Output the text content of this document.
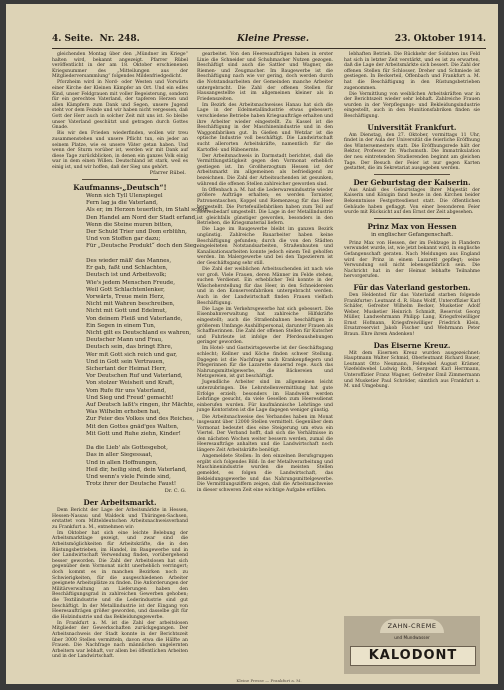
4. Seite. Nr. 248.	Kleine Presse.	23. Oktober 1914.

gleichenden Montag über den „Mündner im Kriege“ halten wird, bekannt angezeigt. Pfarrer Rübel veröffentlicht in der am 18. Oktober erschienenen Kriegsnummer des „Mitteilungen aus der Mitgliederversammlung“ folgendes Mildenfriedgedicht.

Pforzheim wird in Nord- oder Westen und Vorwärts einer Kirche der Kleinen Kämpfer an Ort. Und ein edles Kind, unser Feldgrauen mit voller Begeisterung, sondern für ein gerechtes Vaterland, der tapferen Herzen und allen Kämpfern zum Dank und Segen, unsere Jugend steht vor dem Feinde und wir haben nicht vergessen, daß Gott der Herr auch in solcher Zeit mit uns ist. So bleibe unser Vaterland geschützt und getragen durch Gottes Gnade.

Bis wir den Frieden wiederfinden, wollen wir treu zusammenstehen und unsere Pflicht tun, ein jeder an seinem Platze, wie es unsere Väter getan haben. Und wenn der Sturm vorüber ist, werden wir mit Dank auf diese Tage zurückblicken, in denen ein ganzes Volk einig war in dem einen Willen. Deutschland ist stark, weil es einig ist, und wir hoffen, daß der Sieg uns gehört.

Pfarrer Rübel.
Kaufmanns-„Deutsch“!
Wenn sich Tyll Ulenspiegel
Fern lag ja die Vaterland,
Als er, im Herzen teuerlich, im Stahl schon,
Den Handel am Nord der Stadt erfand,
Wenn die Steine muren bitten,
Der Schuld Trier und Dom erblühn,
Und von Stoffen gar dazu;
Für „Deutsche Produkt“ doch den Sieg.

Des wieder mäß' das Mannes,
Er gab, faßt und Schlachten,
Deutsch ist und Arbeitsvolk;
Wie's jedem Menschen Freude,
Weil Gott Schlachtenlenker,
Vorwärts, Treue mein Herz,
Nicht mit Wahren beschreiben,
Nicht mit Gott und Edelmut,
Von deinem Fleiß und Vaterlande,
Ein Segen in einem Tun,
Nicht gilt es Deutschland es wahren,
Deutscher Mann und Frau,
Deutsch sein, das bringt Ehre,
Wer mit Gott sich reich und gar,
Und in Gott sein Vertrauen,
Sichertant der Heimat Herr,
Vor Deutschen Ruf und Vaterland,
Von stolzer Weisheit und Kraft,
Vom Rufe für uns Vaterland,
Und Sieg und Freud' gemacht!
Auf Deutsch laßt's ringen, ihr Mächte,
Was Wilhelm erhoben hat,
Zur Feier des Volkes und des Reiches,
Mit den Gottes gnäd'ges Walten,
Mit Gott und Ruhe ziehn, Kinder!

Da die Lieb' als Gottesgebot,
Das in aller Siegessaat,
Und in allen Hoffnungen,
Heil dir, heilig sind, dein Vaterland,
Und wenn's viele Feinde sind,
Trotz ihrer der Deutsche Faust!
Dr. C. G.
Der Arbeitsmarkt.

Dem Bericht der Lage der Arbeitsmärkte in Hessen, Hessen-Nassau und Waldeck und Thüringen-Sachsen, erstattet vom Mitteldeutschen Arbeitsnachweisverband zu Frankfurt a. M., entnehmen wir:

Im Oktober hat sich eine leichte Belebung der Arbeitsmarktlage gezeigt, und zwar sind die Arbeitsmöglichkeiten für Arbeitskräfte, die in den Rüstungsbetrieben, im Handel, im Baugewerbe und in der Landwirtschaft Verwendung finden, vorübergehend besser geworden. Die Zahl der Arbeitslosen hat sich gegenüber dem Vormonat nicht unerheblich verringert; doch kommt es in manchen Bezirken noch zu Schwierigkeiten, für die ausgeschiedenen Arbeiter geeignete Arbeitsplätze zu finden. Die Anforderungen der Militärverwaltung an Lieferungen haben den Beschäftigungsgrad in zahlreichen Gewerben gehoben; die Textilindustrie und die Lederindustrie sind gut beschäftigt. In der Metallindustrie ist der Eingang von Heeresaufträgen größer geworden, und dasselbe gilt für die Holzindustrie und das Bekleidungsgewerbe.

In Frankfurt a. M. ist die Zahl der arbeitslosen Mitglieder der Gewerkschaften zurückgegangen. Der Arbeitsnachweis der Stadt konnte in der Berichtszeit über 3000 Stellen vermitteln, davon etwa die Hälfte an Frauen. Die Nachfrage nach männlichen ungelernten Arbeitern war lebhaft, vor allem bei öffentlichen Arbeiten und in der Landwirtschaft.

gearbeitet. Von den Heeresaufträgen haben in erster Linie die Schneider und Schuhmacher Nutzen gezogen. Beschäftigt sind auch die Sattler und Wagner, die Riemen- und Zeugmacher. Im Baugewerbe ist die Beschäftigung nach wie vor gering, doch werden durch die Notstandsarbeiten der Gemeinden manche Arbeiter untergebracht. Die Zahl der offenen Stellen für Hausangestellte ist im allgemeinen kleiner als in Friedenszeiten.

Im Bezirk des Arbeitsnachweises Hanau hat sich die Lage in der Edelmetallindustrie etwas gebessert; verschiedene Betriebe haben Kriegsaufträge erhalten und ihre Arbeiter wieder eingestellt. Zu Kassel ist die Beschäftigung in der Maschinenindustrie und in den Waggonfabriken gut. In Gießen und Wetzlar ist die optische Industrie voll beschäftigt. Die Landwirtschaft sucht allerorten Arbeitskräfte, namentlich für die Kartoffel- und Rübenernte.

Der Arbeitsnachweis in Darmstadt berichtet, daß die Vermittlungstätigkeit gegen den Vormonat erheblich gestiegen ist. Im Großherzogtum Hessen ist der Arbeitsmarkt im allgemeinen als befriedigend zu bezeichnen. Die Zahl der Arbeitsuchenden ist gesunken, während die offenen Stellen zahlreicher geworden sind.

In Offenbach a. M. hat die Lederwarenindustrie wieder größere Aufträge erhalten; es werden Tornister, Patronentaschen, Koppel und Riemenzeug für das Heer hergestellt. Die Portefeuillefabriken haben zum Teil auf Heeresbedarf umgestellt. Die Lage in der Metallindustrie ist gleichfalls günstiger geworden, besonders in den Betrieben, die Kriegsmaterial liefern.

Die Lage im Baugewerbe bleibt im ganzen Bezirk ungünstig. Zahlreiche Bauarbeiter haben keine Beschäftigung gefunden; durch die von den Städten eingeleiteten Notstandsarbeiten, Straßenbauten und Kanalisationsarbeiten konnte jedoch einem Teil geholfen werden. Im Malergewerbe und bei den Tapezierern ist der Geschäftsgang sehr still.

Die Zahl der weiblichen Arbeitsuchenden ist nach wie vor groß. Viele Frauen, deren Männer im Felde stehen, suchen Verdienst. Ein erheblicher Teil konnte in der Wäscheherstellung für das Heer, in den Schneidereien und in den Konservenfabriken untergebracht werden. Auch in der Landwirtschaft finden Frauen vielfach Beschäftigung.

Die Lage im Verkehrsgewerbe hat sich gebessert. Die Eisenbahnverwaltung hat zahlreiche Hilfskräfte eingestellt; auch die Straßenbahnen beschäftigen in größerem Umfange Aushilfspersonal, darunter Frauen als Schaffnerinnen. Die Zahl der offenen Stellen für Kutscher und Fuhrleute ist infolge der Pferdeaushebungen geringer geworden.

Im Hotel- und Gastwirtsgewerbe ist der Geschäftsgang schlecht; Kellner und Köche finden schwer Stellung. Dagegen ist die Nachfrage nach Krankenpflegern und Pflegerinnen für die Lazarette dauernd rege. Auch das Nahrungsmittelgewerbe, die Bäckereien und Metzgereien, ist gut beschäftigt.

Jugendliche Arbeiter sind im allgemeinen leicht unterzubringen. Die Lehrstellenvermittlung hat gute Erfolge erzielt; besonders im Handwerk werden Lehrlinge gesucht, da viele Gesellen zum Heeresdienst einberufen wurden. Für kaufmännische Lehrlinge und junge Kontoristen ist die Lage dagegen weniger günstig.

Die Arbeitsnachweise des Verbandes haben im Monat insgesamt über 12000 Stellen vermittelt. Gegenüber dem Vormonat bedeutet dies eine Steigerung um etwa ein Viertel. Der Verband hofft, daß sich die Verhältnisse in den nächsten Wochen weiter bessern werden, zumal die Heeresaufträge anhalten und die Landwirtschaft noch längere Zeit Arbeitskräfte benötigt.

Angemeldete Stellen: In den einzelnen Berufsgruppen ergibt sich folgendes Bild: In der Metallverarbeitung und Maschinenindustrie wurden die meisten Stellen gemeldet, es folgen die Landwirtschaft, das Bekleidungsgewerbe und das Nahrungsmittelgewerbe. Die Vermittlungsziffern zeigen, daß die Arbeitsnachweise in dieser schweren Zeit eine wichtige Aufgabe erfüllen.

lebhaften Betrieb. Die Rückkehr der Soldaten ins Feld hat sich in letzter Zeit verstärkt, und es ist zu erwarten, daß die Lage der Arbeitsmärkte sich bessert. Die Zahl der offenen Stellen für Schlosser, Dreher und Schmiede ist gestiegen. In Beckerteil, Offenbach und Frankfurt a. M. hat die Beschäftigung in den Rüstungsbetrieben zugenommen.

Die Vermittlung von weiblichen Arbeitskräften war in der Berichtszeit wieder sehr lebhaft. Zahlreiche Frauen wurden in der Verpflegungs- und Bekleidungsindustrie eingestellt, auch in den Munitionsfabriken finden sie Beschäftigung.

Universität Frankfurt.

Am Dienstag, den 27. Oktober, vormittags 11 Uhr, findet in der Aula der Universität die feierliche Eröffnung des Wintersemesters statt. Die Eröffnungsrede hält der Rektor, Professor Dr. Wachsmuth. Die Immatrikulation der neu eintretenden Studierenden beginnt am gleichen Tage. Der Besuch der Feier ist nur gegen Karten gestattet, die im Sekretariat ausgegeben werden.

Der Geburtstag der Kaiserin.

Aus Anlaß des Geburtstages Ihrer Majestät der Kaiserin und Königin fand heute in den Kirchen beider Bekenntnisse Festgottesdienst statt. Die öffentlichen Gebäude haben geflaggt. Von einer besonderen Feier wurde mit Rücksicht auf den Ernst der Zeit abgesehen.

Prinz Max von Hessen
in englischer Gefangenschaft.

Prinz Max von Hessen, der im Feldzuge in Flandern verwundet wurde, ist, wie jetzt bekannt wird, in englische Gefangenschaft geraten. Nach Meldungen aus England wird der Prinz in einem Lazarett gepflegt; seine Verwundung soll nicht lebensgefährlich sein. Die Nachricht hat in der Heimat lebhafte Teilnahme hervorgerufen.

Für das Vaterland gestorben.

Den Heldentod für das Vaterland starben folgende Frankfurter: Leutnant d. R. Hans Wolff, Unteroffizier Karl Schäfer, Gefreiter Wilhelm Becker, Musketier Adolf Weber, Musketier Heinrich Schmidt, Reservist Georg Müller, Landwehrmann Philipp Lang, Kriegsfreiwilliger Ernst Hofmann, Kriegsfreiwilliger Friedrich Klein, Ersatzreservist Jakob Fischer und Wehrmann Peter Braun. Ehre ihrem Andenken!

Das Eiserne Kreuz.

Mit dem Eisernen Kreuz wurden ausgezeichnet: Hauptmann Walter Schmid, Oberleutnant Richard Bauer, Leutnant Otto Neumann, Feldwebel August Krämer, Vizefeldwebel Ludwig Roth, Sergeant Karl Herrmann, Unteroffizier Franz Wagner, Gefreiter Emil Zimmermann und Musketier Paul Schröder, sämtlich aus Frankfurt a. M. und Umgebung.

ZAHN-CREME
und Mundwasser
KALODONT
Kleine Presse — Frankfurt a. M.
